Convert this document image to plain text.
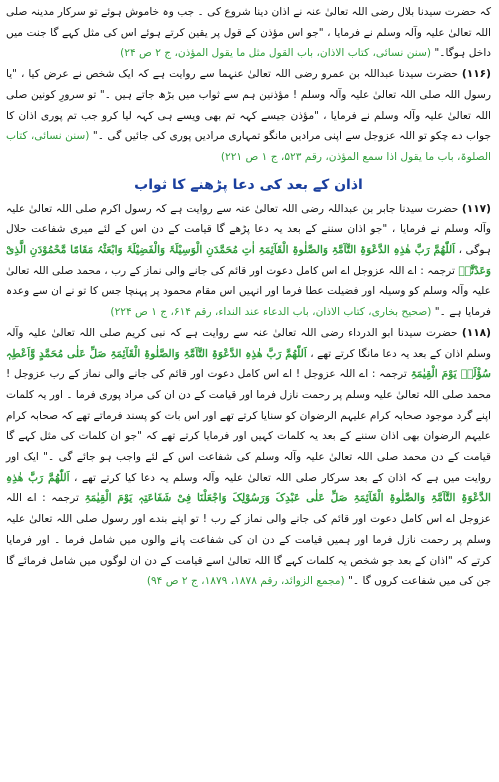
کہ حضرت سیدنا بلال رضی اللہ تعالیٰ عنہ نے اذان دینا شروع کی ۔ جب وہ خاموش ہوئے تو سرکار مدینہ صلی اللہ تعالیٰ علیہ وآلہ وسلم نے فرمایا ، "جو اس مؤذن کے قول پر یقین کرتے ہوئے اس کی مثل کہے گا جنت میں داخل ہوگا۔" (سنن نسائی، کتاب الاذان، باب القول مثل ما یقول المؤذن، ج ۲ ص ۲۴)

(۱۱۶) حضرت سیدنا عبداللہ بن عمرو رضی اللہ تعالیٰ عنہما سے روایت ہے کہ ایک شخص نے عرض کیا ، "یا رسول اللہ صلی اللہ تعالیٰ علیہ وآلہ وسلم ! مؤذنین ہم سے ثواب میں بڑھ جاتے ہیں ۔" تو سرورِ کونین صلی اللہ تعالیٰ علیہ وآلہ وسلم نے فرمایا ، "مؤذن جیسے کہہ تم بھی ویسے ہی کہہ لیا کرو جب تم پوری اذان کا جواب دے چکو تو اللہ عزوجل سے اپنی مرادیں مانگو تمہاری مرادیں پوری کی جائیں گی ۔" (سنن نسائی، کتاب الصلوۃ، باب ما یقول اذا سمع المؤذن، رقم ۵۲۳، ج ۱ ص ۲۲۱)

اذان کے بعد کی دعا پڑھنے کا ثواب

(۱۱۷) حضرت سیدنا جابر بن عبداللہ رضی اللہ تعالیٰ عنہ سے روایت ہے کہ رسول اکرم صلی اللہ تعالیٰ علیہ وآلہ وسلم نے فرمایا ، "جو اذان سننے کے بعد یہ دعا پڑھے گا قیامت کے دن اس کے لئے میری شفاعت حلال ہوگی ، اَللّٰھُمَّ رَبَّ ھٰذِہِ الدَّعْوَۃِ التَّآمَّۃِ وَالصَّلٰوۃِ الْقَآئِمَۃِ اٰتِ مُحَمَّدَنِ الْوَسِیْلَۃَ وَالْفَضِیْلَۃَ وَابْعَثْہُ مَقَامًا مَّحْمُوْدَنِ الَّذِیْ وَعَدْتَّہٗ ترجمہ : اے اللہ عزوجل اے اس کامل دعوت اور قائم کی جانے والی نماز کے رب ، محمد صلی اللہ تعالیٰ علیہ وآلہ وسلم کو وسیلہ اور فضیلت عطا فرما اور انہیں اس مقام محمود پر پہنچا جس کا تو نے ان سے وعدہ فرمایا ہے ۔" (صحیح بخاری، کتاب الاذان، باب الدعاء عند النداء، رقم ۶۱۴، ج ۱ ص ۲۲۴)

(۱۱۸) حضرت سیدنا ابو الدرداء رضی اللہ تعالیٰ عنہ سے روایت ہے کہ نبی کریم صلی اللہ تعالیٰ علیہ وآلہ وسلم اذان کے بعد یہ دعا مانگا کرتے تھے ، اَللّٰھُمَّ رَبَّ ھٰذِہِ الدَّعْوَۃِ التَّآمَّۃِ وَالصَّلٰوۃِ الْقَآئِمَۃِ صَلِّ عَلٰی مُحَمَّدٍ وَّاَعْطِہٖ سُؤْلَہٗ یَوْمَ الْقِیٰمَۃِ ترجمہ : اے اللہ عزوجل ! اے اس کامل دعوت اور قائم کی جانے والی نماز کے رب عزوجل ! محمد صلی اللہ تعالیٰ علیہ وسلم پر رحمت نازل فرما اور قیامت کے دن ان کی مراد پوری فرما ۔ اور یہ کلمات اپنے گرد موجود صحابہ کرام علیہم الرضوان کو سنایا کرتے تھے اور اس بات کو پسند فرماتے تھے کہ صحابہ کرام علیہم الرضوان بھی اذان سننے کے بعد یہ کلمات کہیں اور فرمایا کرتے تھے کہ "جو ان کلمات کی مثل کہے گا قیامت کے دن محمد صلی اللہ تعالیٰ علیہ وآلہ وسلم کی شفاعت اس کے لئے واجب ہو جائے گی ۔" ایک اور روایت میں ہے کہ اذان کے بعد سرکار صلی اللہ تعالیٰ علیہ وآلہ وسلم یہ دعا کیا کرتے تھے ، اَللّٰھُمَّ رَبَّ ھٰذِہِ الدَّعْوَۃِ التَّآمَّۃِ وَالصَّلٰوۃِ الْقَآئِمَۃِ صَلِّ عَلٰی عَبْدِکَ وَرَسُوْلِکَ وَاجْعَلْنَا فِیْ شَفَاعَتِہٖ یَوْمَ الْقِیٰمَۃِ ترجمہ : اے اللہ عزوجل اے اس کامل دعوت اور قائم کی جانے والی نماز کے رب ! تو اپنے بندے اور رسول صلی اللہ تعالیٰ علیہ وسلم پر رحمت نازل فرما اور ہمیں قیامت کے دن ان کی شفاعت پانے والوں میں شامل فرما ۔ اور فرمایا کرتے کہ "اذان کے بعد جو شخص یہ کلمات کہے گا اللہ تعالیٰ اسے قیامت کے دن ان لوگوں میں شامل فرمائے گا جن کی میں شفاعت کروں گا ۔" (مجمع الزوائد، رقم ۱۸۷۸، ۱۸۷۹، ج ۲ ص ۹۴)
